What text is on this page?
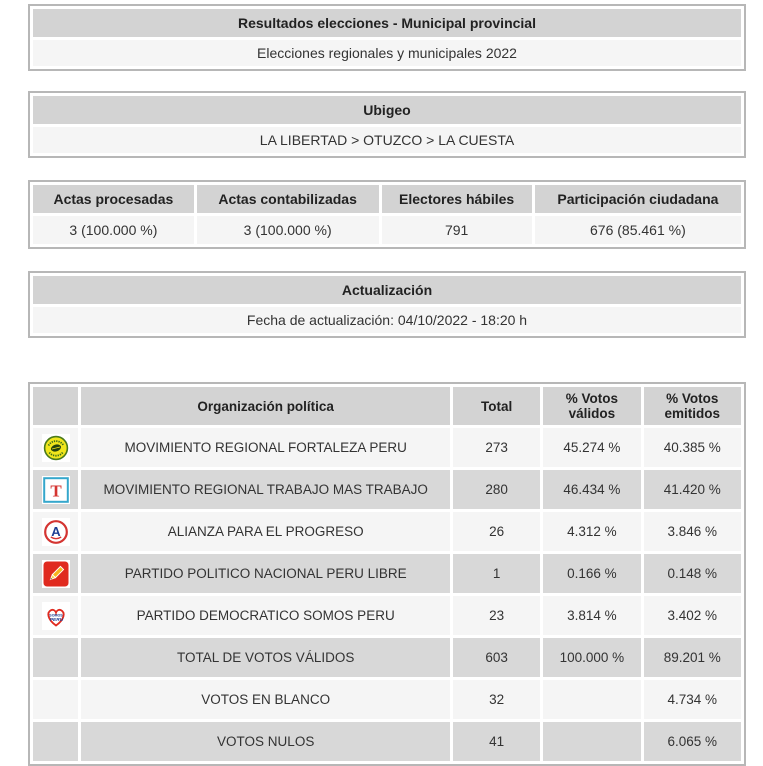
Resultados elecciones - Municipal provincial
Elecciones regionales y municipales 2022
Ubigeo
LA LIBERTAD > OTUZCO > LA CUESTA
Actas procesadas	Actas contabilizadas	Electores hábiles	Participación ciudadana
3 (100.000 %)	3 (100.000 %)	791	676 (85.461 %)
Actualización
Fecha de actualización: 04/10/2022 - 18:20 h
	Organización política	Total	% Votos válidos	% Votos emitidos

	MOVIMIENTO REGIONAL FORTALEZA PERU	273	45.274 %	40.385 %

T	MOVIMIENTO REGIONAL TRABAJO MAS TRABAJO	280	46.434 %	41.420 %

A	ALIANZA PARA EL PROGRESO	26	4.312 %	3.846 %

	PARTIDO POLITICO NACIONAL PERU LIBRE	1	0.166 %	0.148 %

SOMOS
PERU	PARTIDO DEMOCRATICO SOMOS PERU	23	3.814 %	3.402 %
	TOTAL DE VOTOS VÁLIDOS	603	100.000 %	89.201 %
	VOTOS EN BLANCO	32		4.734 %
	VOTOS NULOS	41		6.065 %
